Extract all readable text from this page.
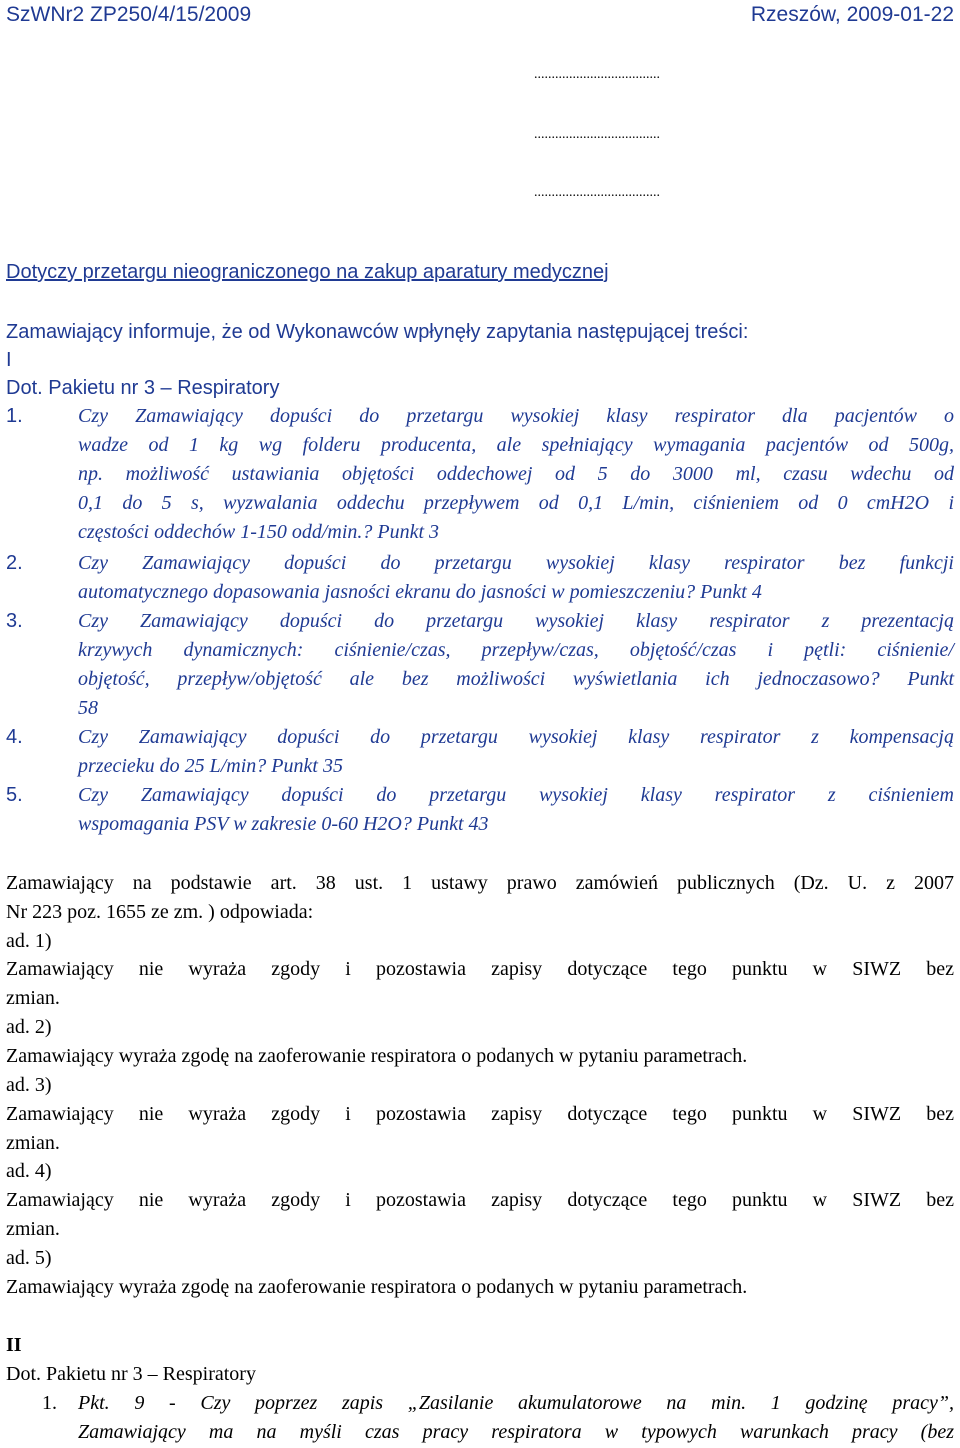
SzWNr2 ZP250/4/15/2009	Rzeszów, 2009-01-22
....................................
....................................
....................................
Dotyczy przetargu nieograniczonego na zakup aparatury medycznej
Zamawiający informuje, że od Wykonawców wpłynęły zapytania następującej treści:
I
Dot. Pakietu nr 3 – Respiratory
1.	Czy Zamawiający dopuści do przetargu wysokiej klasy respirator dla pacjentów o
wadze od 1 kg wg folderu producenta, ale spełniający wymagania pacjentów od 500g,
np. możliwość ustawiania objętości oddechowej od 5 do 3000 ml, czasu wdechu od
0,1 do 5 s, wyzwalania oddechu przepływem od 0,1 L/min, ciśnieniem od 0 cmH2O i
częstości oddechów 1-150 odd/min.? Punkt 3
2.	Czy Zamawiający dopuści do przetargu wysokiej klasy respirator bez funkcji
automatycznego dopasowania jasności ekranu do jasności w pomieszczeniu? Punkt 4
3.	Czy Zamawiający dopuści do przetargu wysokiej klasy respirator z prezentacją
krzywych dynamicznych: ciśnienie/czas, przepływ/czas, objętość/czas i pętli: ciśnienie/
objętość, przepływ/objętość ale bez możliwości wyświetlania ich jednoczasowo? Punkt
58
4.	Czy Zamawiający dopuści do przetargu wysokiej klasy respirator z kompensacją
przecieku do 25 L/min? Punkt 35
5.	Czy Zamawiający dopuści do przetargu wysokiej klasy respirator z ciśnieniem
wspomagania PSV w zakresie 0-60 H2O? Punkt 43
Zamawiający na podstawie art. 38 ust. 1 ustawy prawo zamówień publicznych (Dz. U. z 2007
Nr 223 poz. 1655 ze zm. ) odpowiada:
ad. 1)
Zamawiający nie wyraża zgody i pozostawia zapisy dotyczące tego punktu w SIWZ bez
zmian.
ad. 2)
Zamawiający wyraża zgodę na zaoferowanie respiratora o podanych w pytaniu parametrach.
ad. 3)
Zamawiający nie wyraża zgody i pozostawia zapisy dotyczące tego punktu w SIWZ bez
zmian.
ad. 4)
Zamawiający nie wyraża zgody i pozostawia zapisy dotyczące tego punktu w SIWZ bez
zmian.
ad. 5)
Zamawiający wyraża zgodę na zaoferowanie respiratora o podanych w pytaniu parametrach.
II
Dot. Pakietu nr 3 – Respiratory
1. Pkt. 9 - Czy poprzez zapis „Zasilanie akumulatorowe na min. 1 godzinę pracy”,
Zamawiający ma na myśli czas pracy respiratora w typowych warunkach pracy (bez
